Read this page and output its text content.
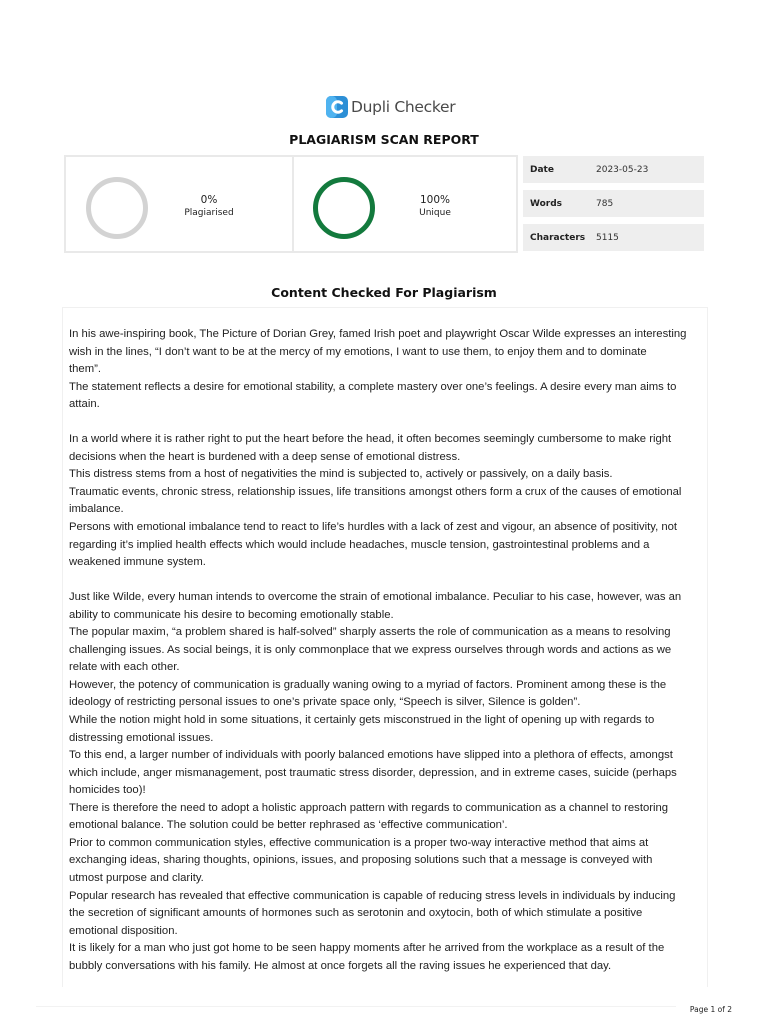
Dupli Checker
PLAGIARISM SCAN REPORT
0%
Plagiarised
100%
Unique
Date	2023-05-23
Words	785
Characters	5115
Content Checked For Plagiarism
In his awe-inspiring book, The Picture of Dorian Grey, famed Irish poet and playwright Oscar Wilde expresses an interesting
wish in the lines, “I don’t want to be at the mercy of my emotions, I want to use them, to enjoy them and to dominate
them”.
The statement reflects a desire for emotional stability, a complete mastery over one’s feelings. A desire every man aims to
attain.
In a world where it is rather right to put the heart before the head, it often becomes seemingly cumbersome to make right
decisions when the heart is burdened with a deep sense of emotional distress.
This distress stems from a host of negativities the mind is subjected to, actively or passively, on a daily basis.
Traumatic events, chronic stress, relationship issues, life transitions amongst others form a crux of the causes of emotional
imbalance.
Persons with emotional imbalance tend to react to life’s hurdles with a lack of zest and vigour, an absence of positivity, not
regarding it’s implied health effects which would include headaches, muscle tension, gastrointestinal problems and a
weakened immune system.
Just like Wilde, every human intends to overcome the strain of emotional imbalance. Peculiar to his case, however, was an
ability to communicate his desire to becoming emotionally stable.
The popular maxim, “a problem shared is half-solved” sharply asserts the role of communication as a means to resolving
challenging issues. As social beings, it is only commonplace that we express ourselves through words and actions as we
relate with each other.
However, the potency of communication is gradually waning owing to a myriad of factors. Prominent among these is the
ideology of restricting personal issues to one’s private space only, “Speech is silver, Silence is golden”.
While the notion might hold in some situations, it certainly gets misconstrued in the light of opening up with regards to
distressing emotional issues.
To this end, a larger number of individuals with poorly balanced emotions have slipped into a plethora of effects, amongst
which include, anger mismanagement, post traumatic stress disorder, depression, and in extreme cases, suicide (perhaps
homicides too)!
There is therefore the need to adopt a holistic approach pattern with regards to communication as a channel to restoring
emotional balance. The solution could be better rephrased as ‘effective communication’.
Prior to common communication styles, effective communication is a proper two-way interactive method that aims at
exchanging ideas, sharing thoughts, opinions, issues, and proposing solutions such that a message is conveyed with
utmost purpose and clarity.
Popular research has revealed that effective communication is capable of reducing stress levels in individuals by inducing
the secretion of significant amounts of hormones such as serotonin and oxytocin, both of which stimulate a positive
emotional disposition.
It is likely for a man who just got home to be seen happy moments after he arrived from the workplace as a result of the
bubbly conversations with his family. He almost at once forgets all the raving issues he experienced that day.
Page 1 of 2
